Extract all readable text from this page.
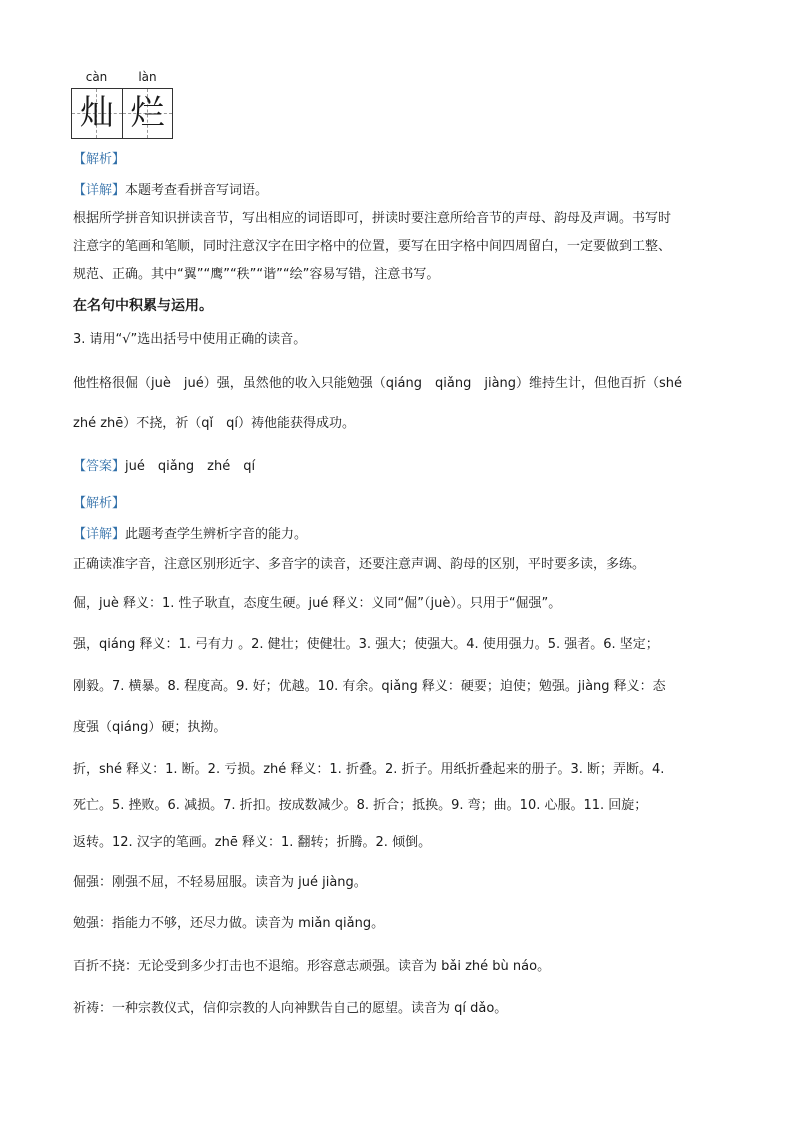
càn	làn
灿 烂
【解析】
【详解】本题考查看拼音写词语。
根据所学拼音知识拼读音节，写出相应的词语即可，拼读时要注意所给音节的声母、韵母及声调。书写时
注意字的笔画和笔顺，同时注意汉字在田字格中的位置，要写在田字格中间四周留白，一定要做到工整、
规范、正确。其中“翼”“鹰”“秩”“谐”“绘”容易写错，注意书写。
在名句中积累与运用。
3. 请用“√”选出括号中使用正确的读音。
他性格很倔（juè　jué）强，虽然他的收入只能勉强（qiáng　qiǎng　jiàng）维持生计，但他百折（shé
zhé zhē）不挠，祈（qǐ　qí）祷他能获得成功。
【答案】jué　qiǎng　zhé　qí
【解析】
【详解】此题考查学生辨析字音的能力。
正确读准字音，注意区别形近字、多音字的读音，还要注意声调、韵母的区别，平时要多读，多练。
倔，juè 释义：1. 性子耿直，态度生硬。jué 释义：义同“倔”（juè）。只用于“倔强”。
强，qiáng 释义：1. 弓有力 。2. 健壮；使健壮。3. 强大；使强大。4. 使用强力。5. 强者。6. 坚定；
刚毅。7. 横暴。8. 程度高。9. 好；优越。10. 有余。qiǎng 释义：硬要；迫使；勉强。jiàng 释义：态
度强（qiáng）硬；执拗。
折，shé 释义：1. 断。2. 亏损。zhé 释义：1. 折叠。2. 折子。用纸折叠起来的册子。3. 断；弄断。4.
死亡。5. 挫败。6. 减损。7. 折扣。按成数减少。8. 折合；抵换。9. 弯；曲。10. 心服。11. 回旋；
返转。12. 汉字的笔画。zhē 释义：1. 翻转；折腾。2. 倾倒。
倔强：刚强不屈，不轻易屈服。读音为 jué jiàng。
勉强：指能力不够，还尽力做。读音为 miǎn qiǎng。
百折不挠：无论受到多少打击也不退缩。形容意志顽强。读音为 bǎi zhé bù náo。
祈祷：一种宗教仪式，信仰宗教的人向神默告自己的愿望。读音为 qí dǎo。
